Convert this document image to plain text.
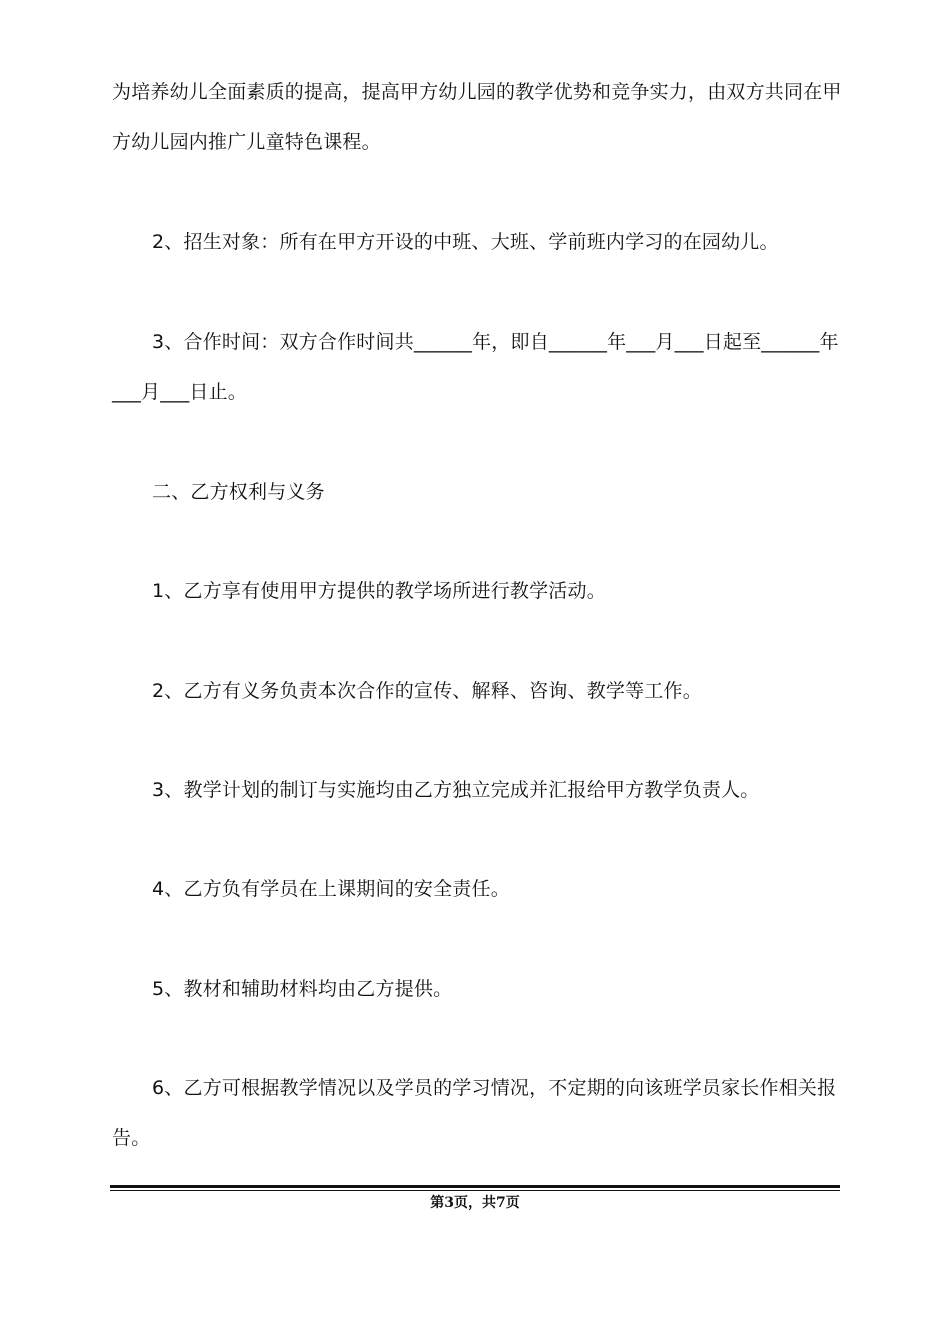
为培养幼儿全面素质的提高，提高甲方幼儿园的教学优势和竞争实力，由双方共同在甲方幼儿园内推广儿童特色课程。

2、招生对象：所有在甲方开设的中班、大班、学前班内学习的在园幼儿。

3、合作时间：双方合作时间共______年，即自______年___月___日起至______年___月___日止。

二、乙方权利与义务

1、乙方享有使用甲方提供的教学场所进行教学活动。

2、乙方有义务负责本次合作的宣传、解释、咨询、教学等工作。

3、教学计划的制订与实施均由乙方独立完成并汇报给甲方教学负责人。

4、乙方负有学员在上课期间的安全责任。

5、教材和辅助材料均由乙方提供。

6、乙方可根据教学情况以及学员的学习情况，不定期的向该班学员家长作相关报告。

第3页，共7页
